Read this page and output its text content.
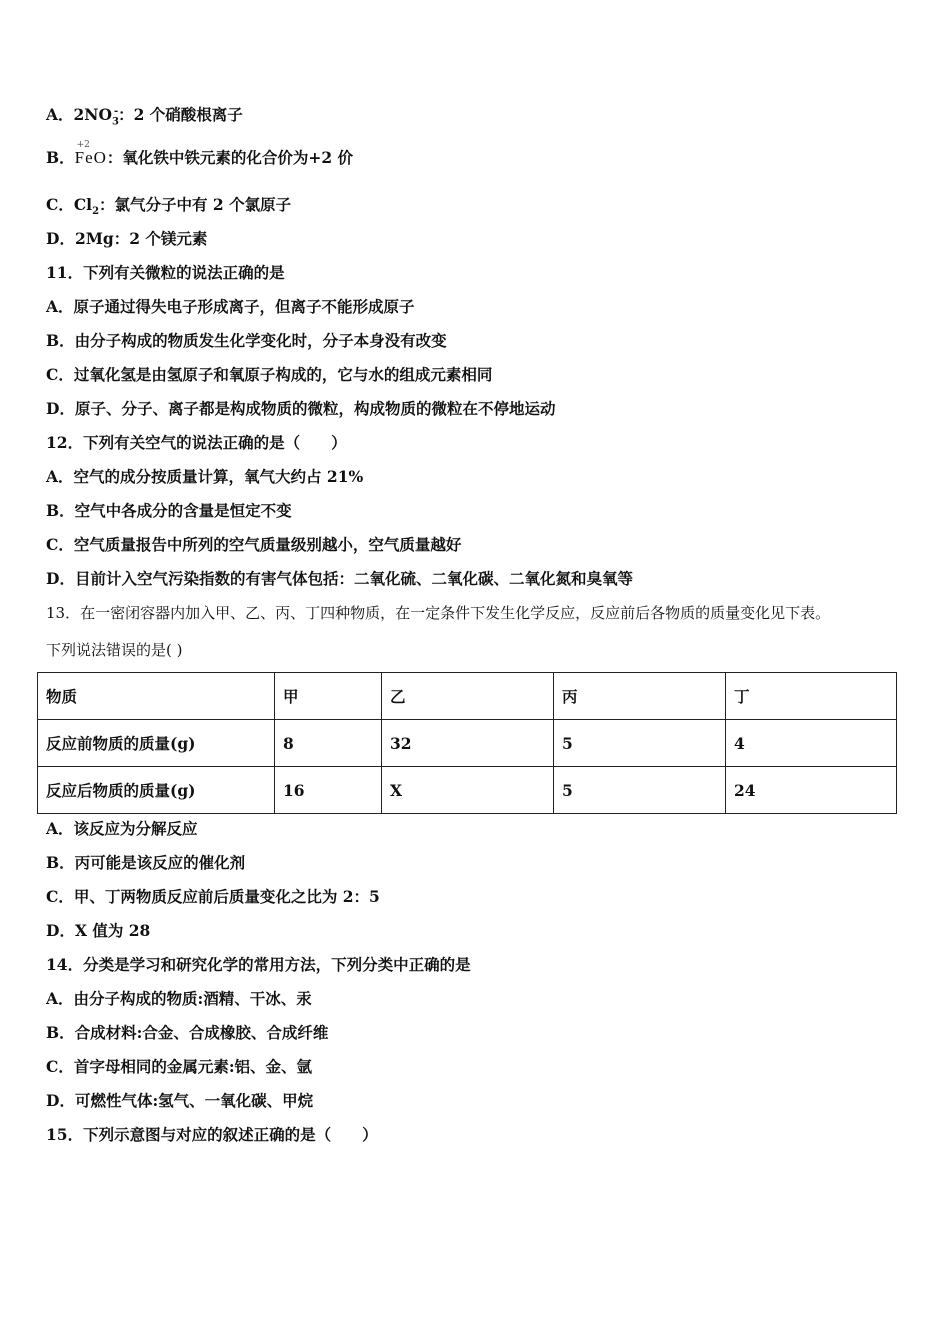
A．$2NO_3^-$：2 个硝酸根离子
B．
+2
FeO：氧化铁中铁元素的化合价为+2 价
C．$Cl_2$：氯气分子中有 2 个氯原子
D．2Mg：2 个镁元素
11．下列有关微粒的说法正确的是
A．原子通过得失电子形成离子，但离子不能形成原子
B．由分子构成的物质发生化学变化时，分子本身没有改变
C．过氧化氢是由氢原子和氧原子构成的，它与水的组成元素相同
D．原子、分子、离子都是构成物质的微粒，构成物质的微粒在不停地运动
12．下列有关空气的说法正确的是（　　）
A．空气的成分按质量计算，氧气大约占 21%
B．空气中各成分的含量是恒定不变
C．空气质量报告中所列的空气质量级别越小，空气质量越好
D．目前计入空气污染指数的有害气体包括：二氧化硫、二氧化碳、二氧化氮和臭氧等
13．在一密闭容器内加入甲、乙、丙、丁四种物质，在一定条件下发生化学反应，反应前后各物质的质量变化见下表。
下列说法错误的是( )
物质	甲	乙	丙	丁
反应前物质的质量(g)	8	32	5	4
反应后物质的质量(g)	16	X	5	24
A．该反应为分解反应
B．丙可能是该反应的催化剂
C．甲、丁两物质反应前后质量变化之比为 2：5
D．X 值为 28
14．分类是学习和研究化学的常用方法，下列分类中正确的是
A．由分子构成的物质:酒精、干冰、汞
B．合成材料:合金、合成橡胶、合成纤维
C．首字母相同的金属元素:铝、金、氩
D．可燃性气体:氢气、一氧化碳、甲烷
15．下列示意图与对应的叙述正确的是（　　）
